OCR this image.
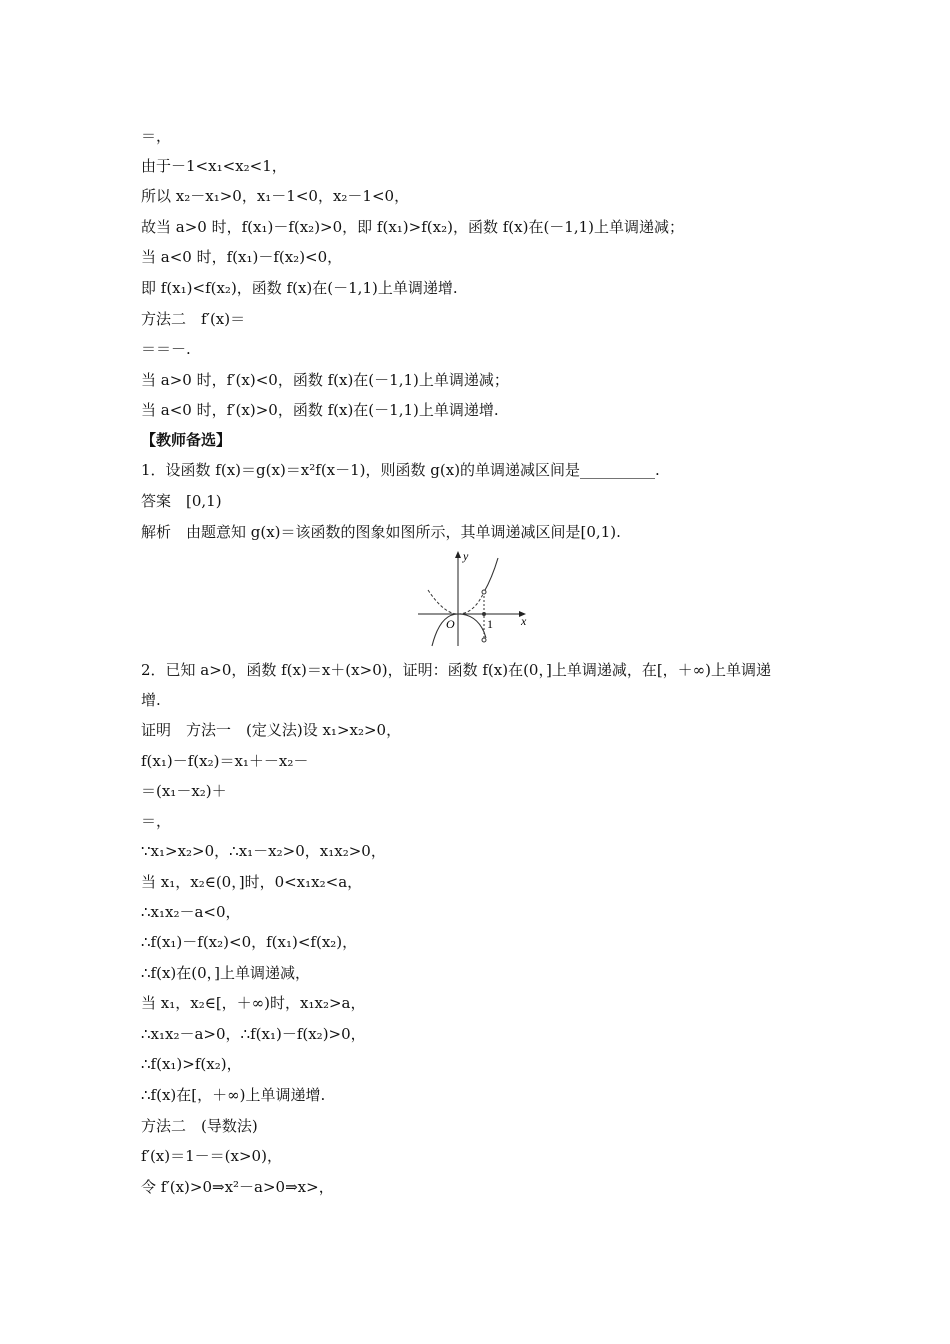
＝，
由于－1<x₁<x₂<1，
所以 x₂－x₁>0，x₁－1<0，x₂－1<0，
故当 a>0 时，f(x₁)－f(x₂)>0，即 f(x₁)>f(x₂)，函数 f(x)在(－1,1)上单调递减；
当 a<0 时，f(x₁)－f(x₂)<0，
即 f(x₁)<f(x₂)，函数 f(x)在(－1,1)上单调递增.
方法二　f′(x)＝
＝＝－.
当 a>0 时，f′(x)<0，函数 f(x)在(－1,1)上单调递减；
当 a<0 时，f′(x)>0，函数 f(x)在(－1,1)上单调递增.
【教师备选】
1．设函数 f(x)＝g(x)＝x²f(x－1)，则函数 g(x)的单调递减区间是__________.
答案　[0,1)
解析　由题意知 g(x)＝该函数的图象如图所示，其单调递减区间是[0,1).
y
x
O	1
2．已知 a>0，函数 f(x)＝x＋(x>0)，证明：函数 f(x)在(0，]上单调递减，在[，＋∞)上单调递
增.
证明　方法一　(定义法)设 x₁>x₂>0，
f(x₁)－f(x₂)＝x₁＋－x₂－
＝(x₁－x₂)＋
＝，
∵x₁>x₂>0，∴x₁－x₂>0，x₁x₂>0，
当 x₁，x₂∈(0，]时，0<x₁x₂<a，
∴x₁x₂－a<0，
∴f(x₁)－f(x₂)<0，f(x₁)<f(x₂)，
∴f(x)在(0，]上单调递减，
当 x₁，x₂∈[，＋∞)时，x₁x₂>a，
∴x₁x₂－a>0，∴f(x₁)－f(x₂)>0，
∴f(x₁)>f(x₂)，
∴f(x)在[，＋∞)上单调递增.
方法二　(导数法)
f′(x)＝1－＝(x>0)，
令 f′(x)>0⇒x²－a>0⇒x>，
